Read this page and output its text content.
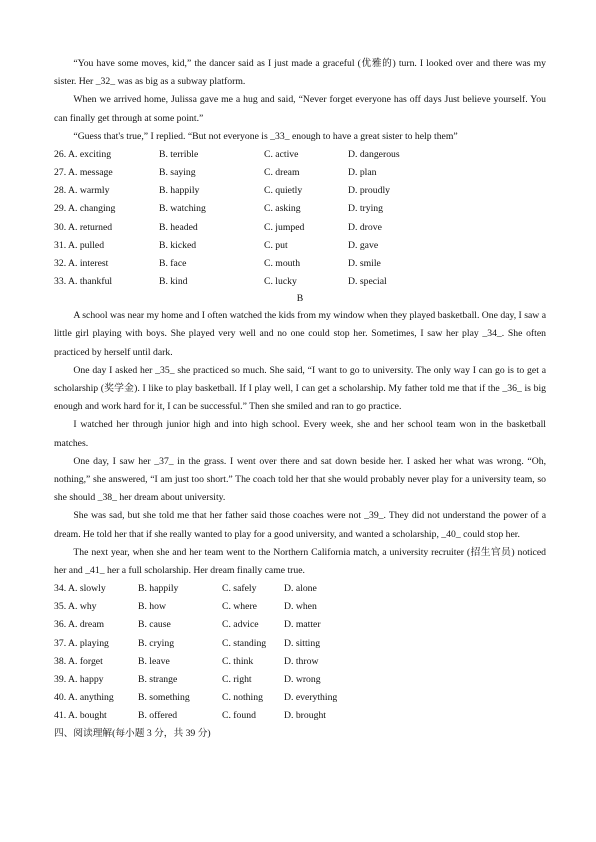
“You have some moves, kid,” the dancer said as I just made a graceful (优雅的) turn. I looked over and there was my sister. Her _32_ was as big as a subway platform.

When we arrived home, Julissa gave me a hug and said, “Never forget everyone has off days Just believe yourself. You can finally get through at some point.”

“Guess that's true,” I replied. “But not everyone is _33_ enough to have a great sister to help them”

26. A. exciting	B. terrible	C. active	D. dangerous
27. A. message	B. saying	C. dream	D. plan
28. A. warmly	B. happily	C. quietly	D. proudly
29. A. changing	B. watching	C. asking	D. trying
30. A. returned	B. headed	C. jumped	D. drove
31. A. pulled	B. kicked	C. put	D. gave
32. A. interest	B. face	C. mouth	D. smile
33. A. thankful	B. kind	C. lucky	D. special
B

A school was near my home and I often watched the kids from my window when they played basketball. One day, I saw a little girl playing with boys. She played very well and no one could stop her. Sometimes, I saw her play _34_. She often practiced by herself until dark.

One day I asked her _35_ she practiced so much. She said, “I want to go to university. The only way I can go is to get a scholarship (奖学金). I like to play basketball. If I play well, I can get a scholarship. My father told me that if the _36_ is big enough and work hard for it, I can be successful.” Then she smiled and ran to go practice.

I watched her through junior high and into high school. Every week, she and her school team won in the basketball matches.

One day, I saw her _37_ in the grass. I went over there and sat down beside her. I asked her what was wrong. “Oh, nothing,” she answered, “I am just too short.” The coach told her that she would probably never play for a university team, so she should _38_ her dream about university.

She was sad, but she told me that her father said those coaches were not _39_. They did not understand the power of a dream. He told her that if she really wanted to play for a good university, and wanted a scholarship, _40_ could stop her.

The next year, when she and her team went to the Northern California match, a university recruiter (招生官员) noticed her and _41_ her a full scholarship. Her dream finally came true.

34. A. slowly	B. happily	C. safely	D. alone
35. A. why	B. how	C. where	D. when
36. A. dream	B. cause	C. advice	D. matter
37. A. playing	B. crying	C. standing	D. sitting
38. A. forget	B. leave	C. think	D. throw
39. A. happy	B. strange	C. right	D. wrong
40. A. anything	B. something	C. nothing	D. everything
41. A. bought	B. offered	C. found	D. brought
四、阅读理解(每小题 3 分，共 39 分)
